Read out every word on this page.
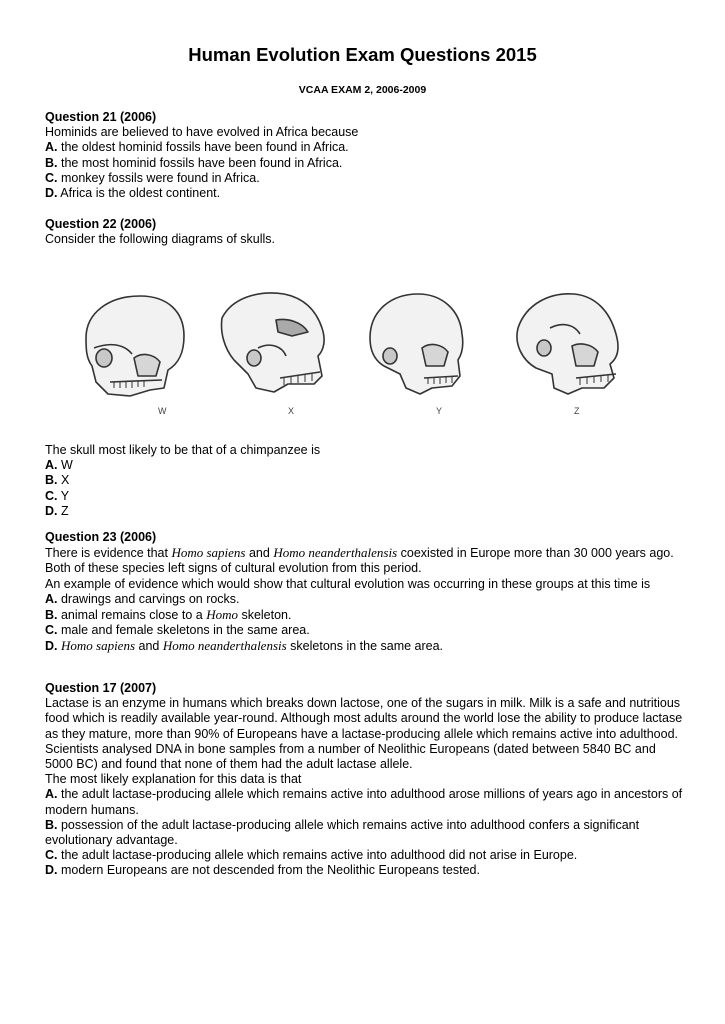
Human Evolution Exam Questions 2015
VCAA EXAM 2, 2006-2009

Question 21 (2006)

Hominids are believed to have evolved in Africa because

A. the oldest hominid fossils have been found in Africa.

B. the most hominid fossils have been found in Africa.

C. monkey fossils were found in Africa.

D. Africa is the oldest continent.

Question 22 (2006)

Consider the following diagrams of skulls.

W	X	Y	Z

The skull most likely to be that of a chimpanzee is

A. W

B. X

C. Y

D. Z

Question 23 (2006)

There is evidence that Homo sapiens and Homo neanderthalensis coexisted in Europe more than 30 000 years ago. Both of these species left signs of cultural evolution from this period.

An example of evidence which would show that cultural evolution was occurring in these groups at this time is

A. drawings and carvings on rocks.

B. animal remains close to a Homo skeleton.

C. male and female skeletons in the same area.

D. Homo sapiens and Homo neanderthalensis skeletons in the same area.

Question 17 (2007)

Lactase is an enzyme in humans which breaks down lactose, one of the sugars in milk. Milk is a safe and nutritious food which is readily available year-round. Although most adults around the world lose the ability to produce lactase as they mature, more than 90% of Europeans have a lactase-producing allele which remains active into adulthood.

Scientists analysed DNA in bone samples from a number of Neolithic Europeans (dated between 5840 BC and 5000 BC) and found that none of them had the adult lactase allele.

The most likely explanation for this data is that

A. the adult lactase-producing allele which remains active into adulthood arose millions of years ago in ancestors of modern humans.

B. possession of the adult lactase-producing allele which remains active into adulthood confers a significant evolutionary advantage.

C. the adult lactase-producing allele which remains active into adulthood did not arise in Europe.

D. modern Europeans are not descended from the Neolithic Europeans tested.
